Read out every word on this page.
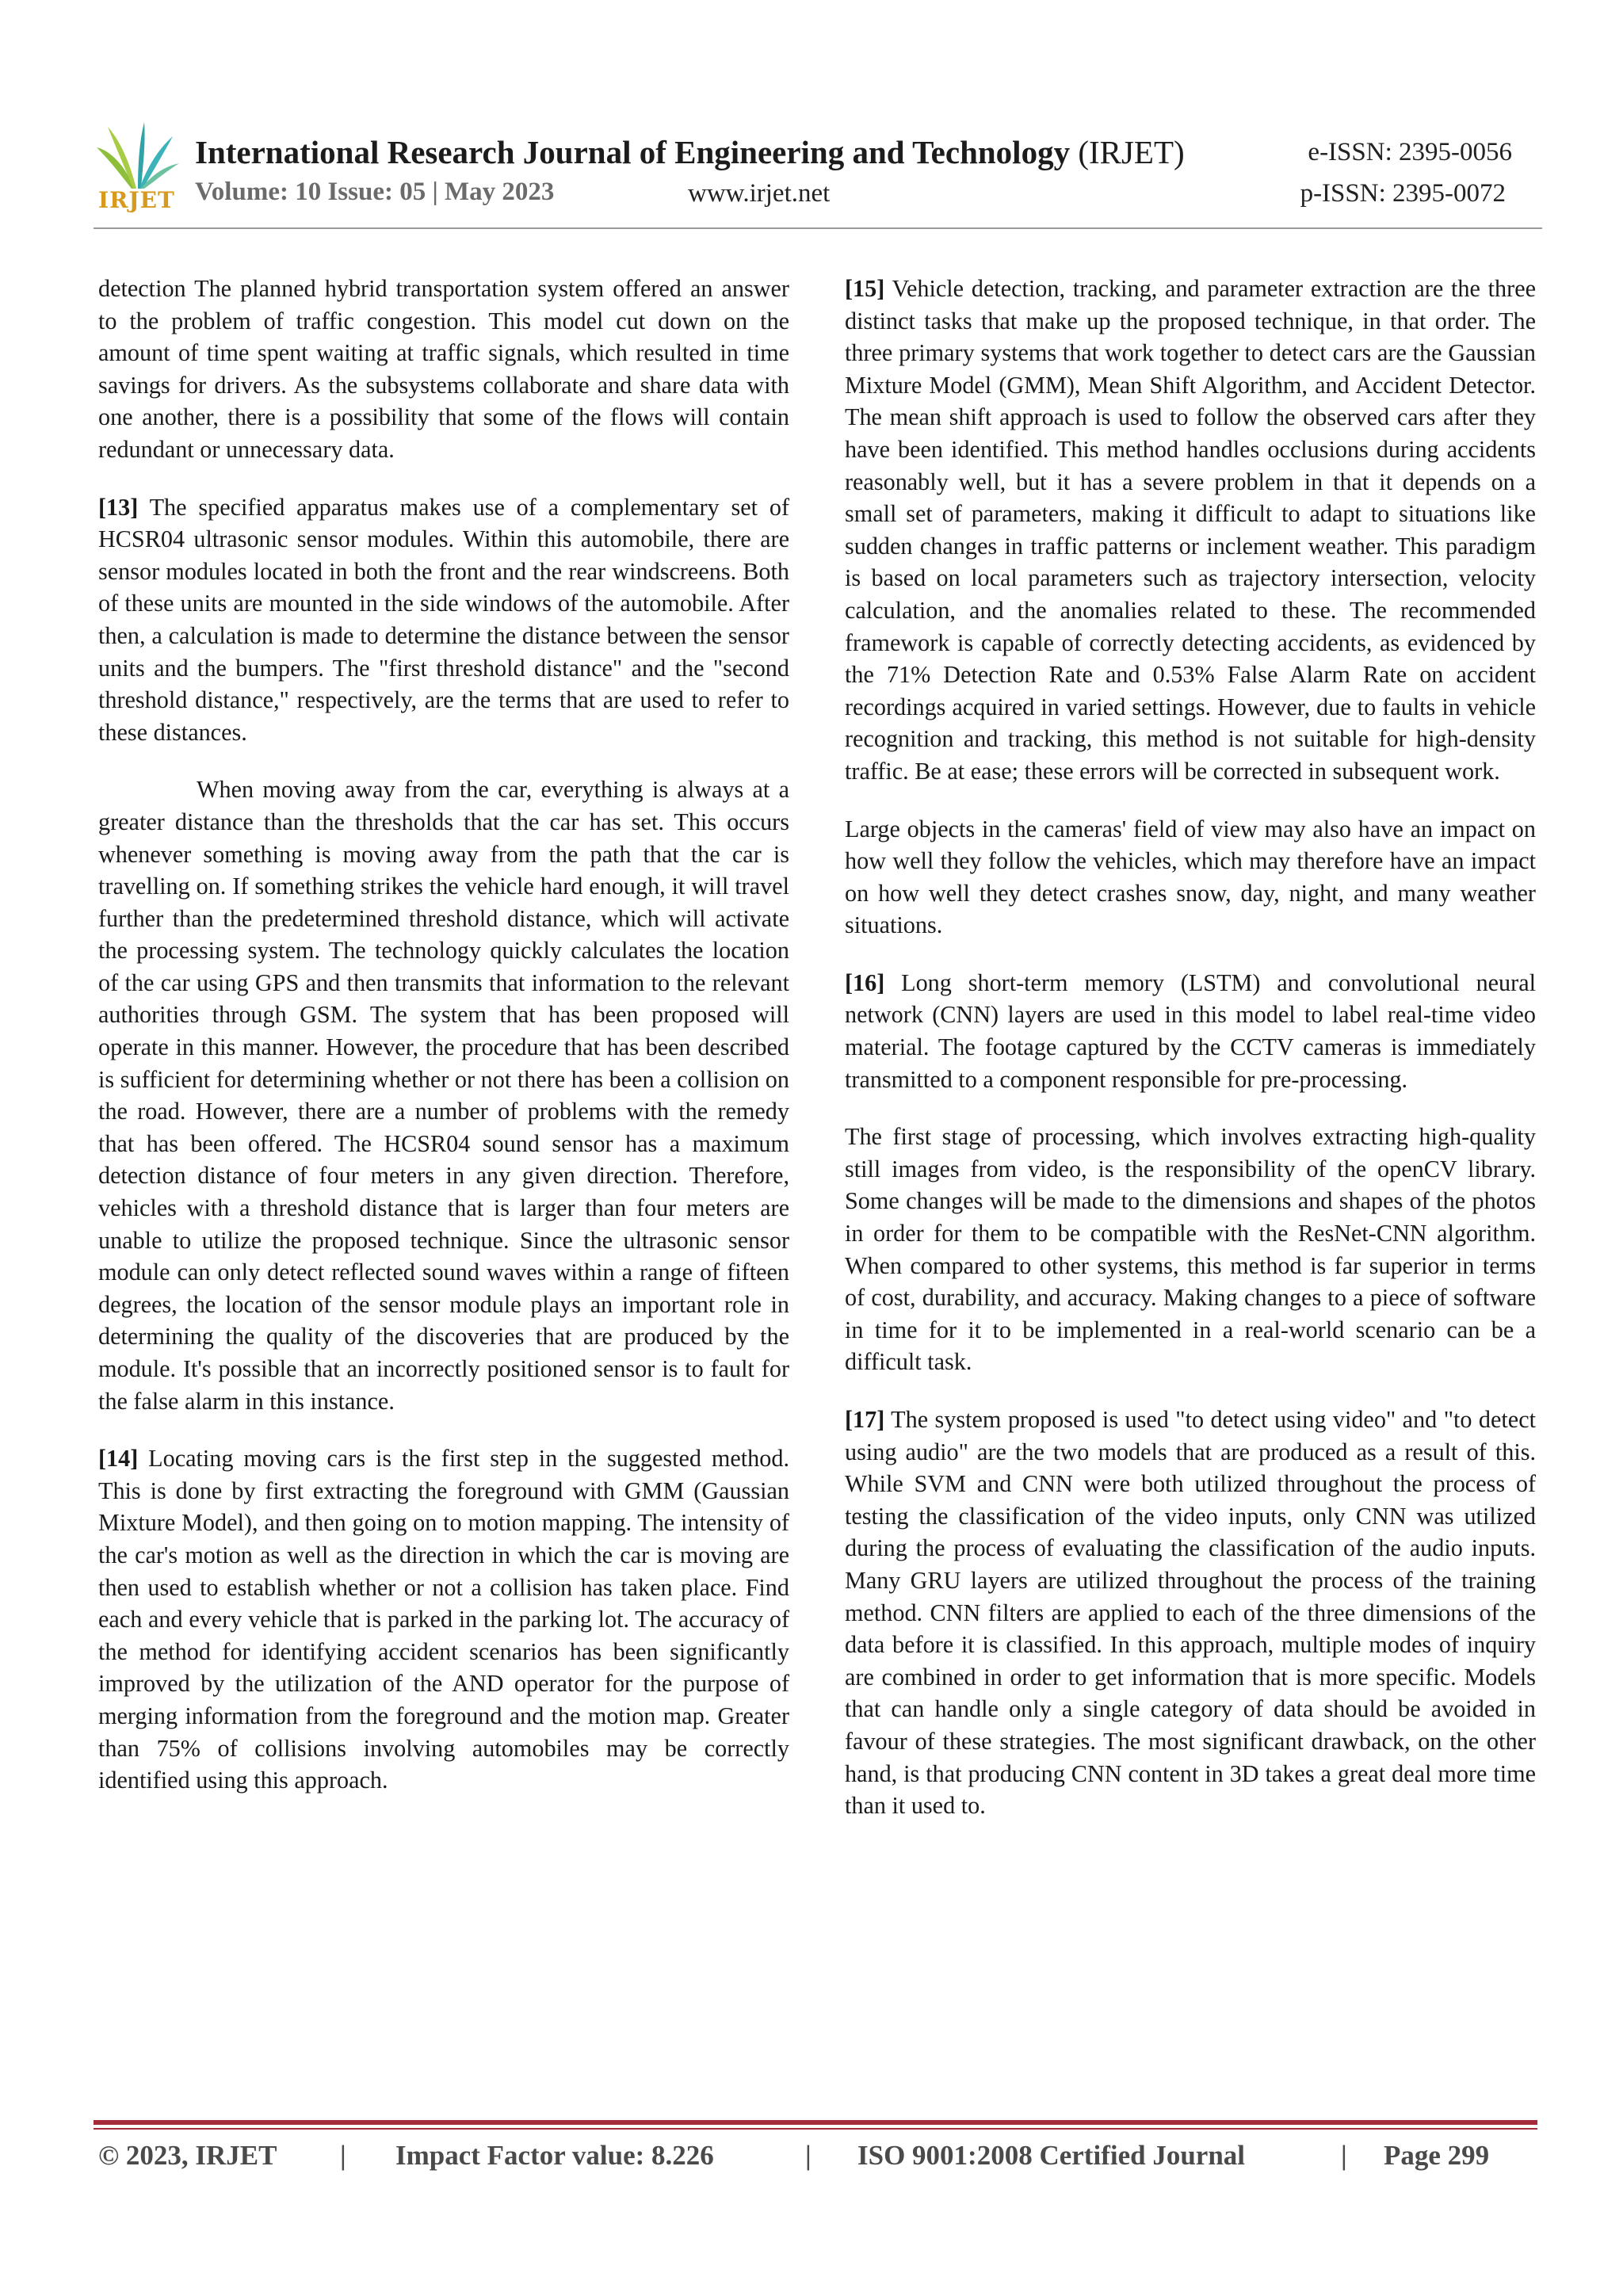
IRJET
International Research Journal of Engineering and Technology (IRJET)	e-ISSN: 2395-0056
Volume: 10 Issue: 05 | May 2023	www.irjet.net	p-ISSN: 2395-0072

detection The planned hybrid transportation system offered an answer to the problem of traffic congestion. This model cut down on the amount of time spent waiting at traffic signals, which resulted in time savings for drivers. As the subsystems collaborate and share data with one another, there is a possibility that some of the flows will contain redundant or unnecessary data.

[13] The specified apparatus makes use of a complementary set of HCSR04 ultrasonic sensor modules. Within this automobile, there are sensor modules located in both the front and the rear windscreens. Both of these units are mounted in the side windows of the automobile. After then, a calculation is made to determine the distance between the sensor units and the bumpers. The "first threshold distance" and the "second threshold distance," respectively, are the terms that are used to refer to these distances.

When moving away from the car, everything is always at a greater distance than the thresholds that the car has set. This occurs whenever something is moving away from the path that the car is travelling on. If something strikes the vehicle hard enough, it will travel further than the predetermined threshold distance, which will activate the processing system. The technology quickly calculates the location of the car using GPS and then transmits that information to the relevant authorities through GSM. The system that has been proposed will operate in this manner. However, the procedure that has been described is sufficient for determining whether or not there has been a collision on the road. However, there are a number of problems with the remedy that has been offered. The HCSR04 sound sensor has a maximum detection distance of four meters in any given direction. Therefore, vehicles with a threshold distance that is larger than four meters are unable to utilize the proposed technique. Since the ultrasonic sensor module can only detect reflected sound waves within a range of fifteen degrees, the location of the sensor module plays an important role in determining the quality of the discoveries that are produced by the module. It's possible that an incorrectly positioned sensor is to fault for the false alarm in this instance.

[14] Locating moving cars is the first step in the suggested method. This is done by first extracting the foreground with GMM (Gaussian Mixture Model), and then going on to motion mapping. The intensity of the car's motion as well as the direction in which the car is moving are then used to establish whether or not a collision has taken place. Find each and every vehicle that is parked in the parking lot. The accuracy of the method for identifying accident scenarios has been significantly improved by the utilization of the AND operator for the purpose of merging information from the foreground and the motion map. Greater than 75% of collisions involving automobiles may be correctly identified using this approach.

[15] Vehicle detection, tracking, and parameter extraction are the three distinct tasks that make up the proposed technique, in that order. The three primary systems that work together to detect cars are the Gaussian Mixture Model (GMM), Mean Shift Algorithm, and Accident Detector. The mean shift approach is used to follow the observed cars after they have been identified. This method handles occlusions during accidents reasonably well, but it has a severe problem in that it depends on a small set of parameters, making it difficult to adapt to situations like sudden changes in traffic patterns or inclement weather. This paradigm is based on local parameters such as trajectory intersection, velocity calculation, and the anomalies related to these. The recommended framework is capable of correctly detecting accidents, as evidenced by the 71% Detection Rate and 0.53% False Alarm Rate on accident recordings acquired in varied settings. However, due to faults in vehicle recognition and tracking, this method is not suitable for high-density traffic. Be at ease; these errors will be corrected in subsequent work.

Large objects in the cameras' field of view may also have an impact on how well they follow the vehicles, which may therefore have an impact on how well they detect crashes snow, day, night, and many weather situations.

[16] Long short-term memory (LSTM) and convolutional neural network (CNN) layers are used in this model to label real-time video material. The footage captured by the CCTV cameras is immediately transmitted to a component responsible for pre-processing.

The first stage of processing, which involves extracting high-quality still images from video, is the responsibility of the openCV library. Some changes will be made to the dimensions and shapes of the photos in order for them to be compatible with the ResNet-CNN algorithm. When compared to other systems, this method is far superior in terms of cost, durability, and accuracy. Making changes to a piece of software in time for it to be implemented in a real-world scenario can be a difficult task.

[17] The system proposed is used "to detect using video" and "to detect using audio" are the two models that are produced as a result of this. While SVM and CNN were both utilized throughout the process of testing the classification of the video inputs, only CNN was utilized during the process of evaluating the classification of the audio inputs. Many GRU layers are utilized throughout the process of the training method. CNN filters are applied to each of the three dimensions of the data before it is classified. In this approach, multiple modes of inquiry are combined in order to get information that is more specific. Models that can handle only a single category of data should be avoided in favour of these strategies. The most significant drawback, on the other hand, is that producing CNN content in 3D takes a great deal more time than it used to.

© 2023, IRJET | Impact Factor value: 8.226	| ISO 9001:2008 Certified Journal	| Page 299
